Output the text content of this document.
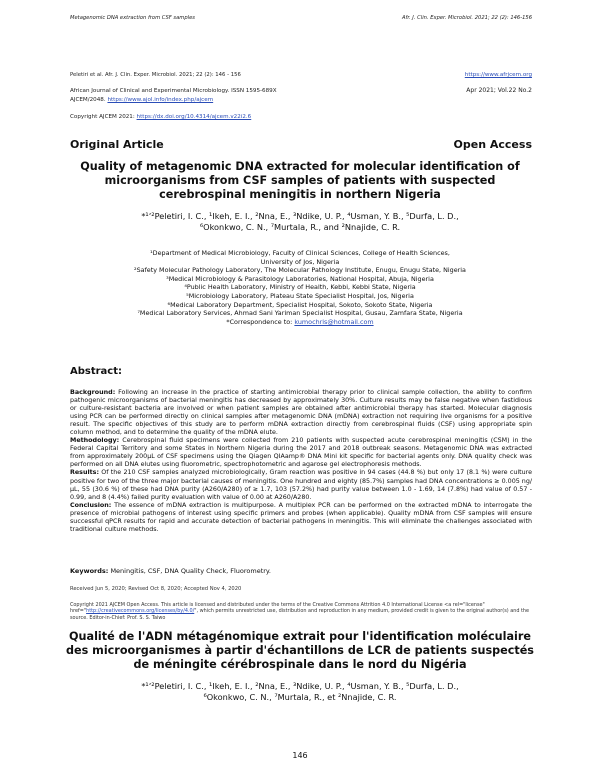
Metagenomic DNA extraction from CSF samples	Afr. J. Clin. Exper. Microbiol. 2021; 22 (2): 146-156
Peletiri et al. Afr. J. Clin. Exper. Microbiol. 2021; 22 (2): 146 - 156	https://www.afrjcem.org
African Journal of Clinical and Experimental Microbiology. ISSN 1595-689X	Apr 2021; Vol.22 No.2
AJCEM/2048. https://www.ajol.info/index.php/ajcem
Copyright AJCEM 2021: https://dx.doi.org/10.4314/ajcem.v22i2.6
Original Article	Open Access
Quality of metagenomic DNA extracted for molecular identification of
microorganisms from CSF samples of patients with suspected
cerebrospinal meningitis in northern Nigeria
*¹ʼ²Peletiri, I. C., ¹Ikeh, E. I., ²Nna, E., ³Ndike, U. P., ⁴Usman, Y. B., ⁵Durfa, L. D.,
⁶Okonkwo, C. N., ⁷Murtala, R., and ²Nnajide, C. R.
¹Department of Medical Microbiology, Faculty of Clinical Sciences, College of Health Sciences,
University of Jos, Nigeria
²Safety Molecular Pathology Laboratory, The Molecular Pathology Institute, Enugu, Enugu State, Nigeria
³Medical Microbiology & Parasitology Laboratories, National Hospital, Abuja, Nigeria
⁴Public Health Laboratory, Ministry of Health, Kebbi, Kebbi State, Nigeria
⁵Microbiology Laboratory, Plateau State Specialist Hospital, Jos, Nigeria
⁶Medical Laboratory Department, Specialist Hospital, Sokoto, Sokoto State, Nigeria
⁷Medical Laboratory Services, Ahmad Sani Yariman Specialist Hospital, Gusau, Zamfara State, Nigeria
*Correspondence to: kumochris@hotmail.com
Abstract:

Background: Following an increase in the practice of starting antimicrobial therapy prior to clinical sample collection, the ability to confirm pathogenic microorganisms of bacterial meningitis has decreased by approximately 30%. Culture results may be false negative when fastidious or culture-resistant bacteria are involved or when patient samples are obtained after antimicrobial therapy has started. Molecular diagnosis using PCR can be performed directly on clinical samples after metagenomic DNA (mDNA) extraction not requiring live organisms for a positive result. The specific objectives of this study are to perform mDNA extraction directly from cerebrospinal fluids (CSF) using appropriate spin column method, and to determine the quality of the mDNA elute.

Methodology: Cerebrospinal fluid specimens were collected from 210 patients with suspected acute cerebrospinal meningitis (CSM) in the Federal Capital Territory and some States in Northern Nigeria during the 2017 and 2018 outbreak seasons. Metagenomic DNA was extracted from approximately 200µL of CSF specimens using the Qiagen QIAamp® DNA Mini kit specific for bacterial agents only. DNA quality check was performed on all DNA elutes using fluorometric, spectrophotometric and agarose gel electrophoresis methods.

Results: Of the 210 CSF samples analyzed microbiologically, Gram reaction was positive in 94 cases (44.8 %) but only 17 (8.1 %) were culture positive for two of the three major bacterial causes of meningitis. One hundred and eighty (85.7%) samples had DNA concentrations ≥ 0.005 ng/µL, 55 (30.6 %) of these had DNA purity (A260/A280) of ≥ 1.7, 103 (57.2%) had purity value between 1.0 - 1.69, 14 (7.8%) had value of 0.57 - 0.99, and 8 (4.4%) failed purity evaluation with value of 0.00 at A260/A280.

Conclusion: The essence of mDNA extraction is multipurpose. A multiplex PCR can be performed on the extracted mDNA to interrogate the presence of microbial pathogens of interest using specific primers and probes (when applicable). Quality mDNA from CSF samples will ensure successful qPCR results for rapid and accurate detection of bacterial pathogens in meningitis. This will eliminate the challenges associated with traditional culture methods.

Keywords: Meningitis, CSF, DNA Quality Check, Fluorometry.
Received Jun 5, 2020; Revised Oct 8, 2020; Accepted Nov 4, 2020
Copyright 2021 AJCEM Open Access. This article is licensed and distributed under the terms of the Creative Commons Attrition 4.0 International License <a rel="license" href="http://creativecommons.org/licenses/by/4.0/", which permits unrestricted use, distribution and reproduction in any medium, provided credit is given to the original author(s) and the source. Editor-in-Chief: Prof. S. S. Taiwo
Qualité de l'ADN métagénomique extrait pour l'identification moléculaire
des microorganismes à partir d'échantillons de LCR de patients suspectés
de méningite cérébrospinale dans le nord du Nigéria
*¹ʼ²Peletiri, I. C., ¹Ikeh, E. I., ²Nna, E., ³Ndike, U. P., ⁴Usman, Y. B., ⁵Durfa, L. D.,
⁶Okonkwo, C. N., ⁷Murtala, R., et ²Nnajide, C. R.
146
